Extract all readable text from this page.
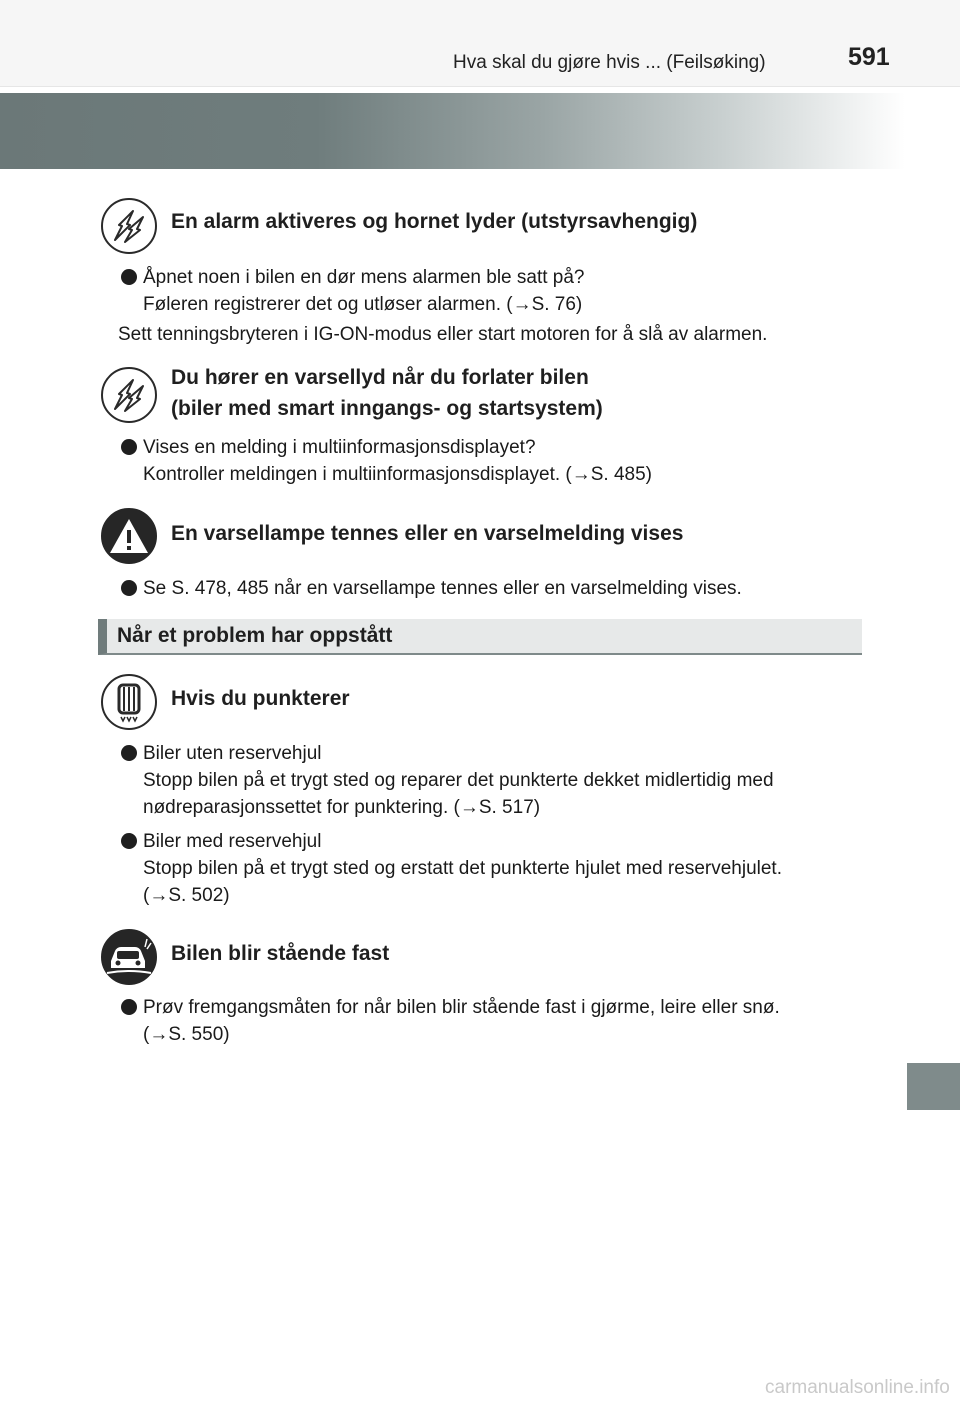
Hva skal du gjøre hvis ... (Feilsøking)	591
En alarm aktiveres og hornet lyder (utstyrsavhengig)
Åpnet noen i bilen en dør mens alarmen ble satt på?
Føleren registrerer det og utløser alarmen. (→S. 76)
Sett tenningsbryteren i IG-ON-modus eller start motoren for å slå av alarmen.
Du hører en varsellyd når du forlater bilen
(biler med smart inngangs- og startsystem)
Vises en melding i multiinformasjonsdisplayet?
Kontroller meldingen i multiinformasjonsdisplayet. (→S. 485)
En varsellampe tennes eller en varselmelding vises
Se S. 478, 485 når en varsellampe tennes eller en varselmelding vises.
Når et problem har oppstått
Hvis du punkterer
Biler uten reservehjul
Stopp bilen på et trygt sted og reparer det punkterte dekket midlertidig med
nødreparasjonssettet for punktering. (→S. 517)
Biler med reservehjul
Stopp bilen på et trygt sted og erstatt det punkterte hjulet med reservehjulet.
(→S. 502)
Bilen blir stående fast
Prøv fremgangsmåten for når bilen blir stående fast i gjørme, leire eller snø.
(→S. 550)
carmanualsonline.info
